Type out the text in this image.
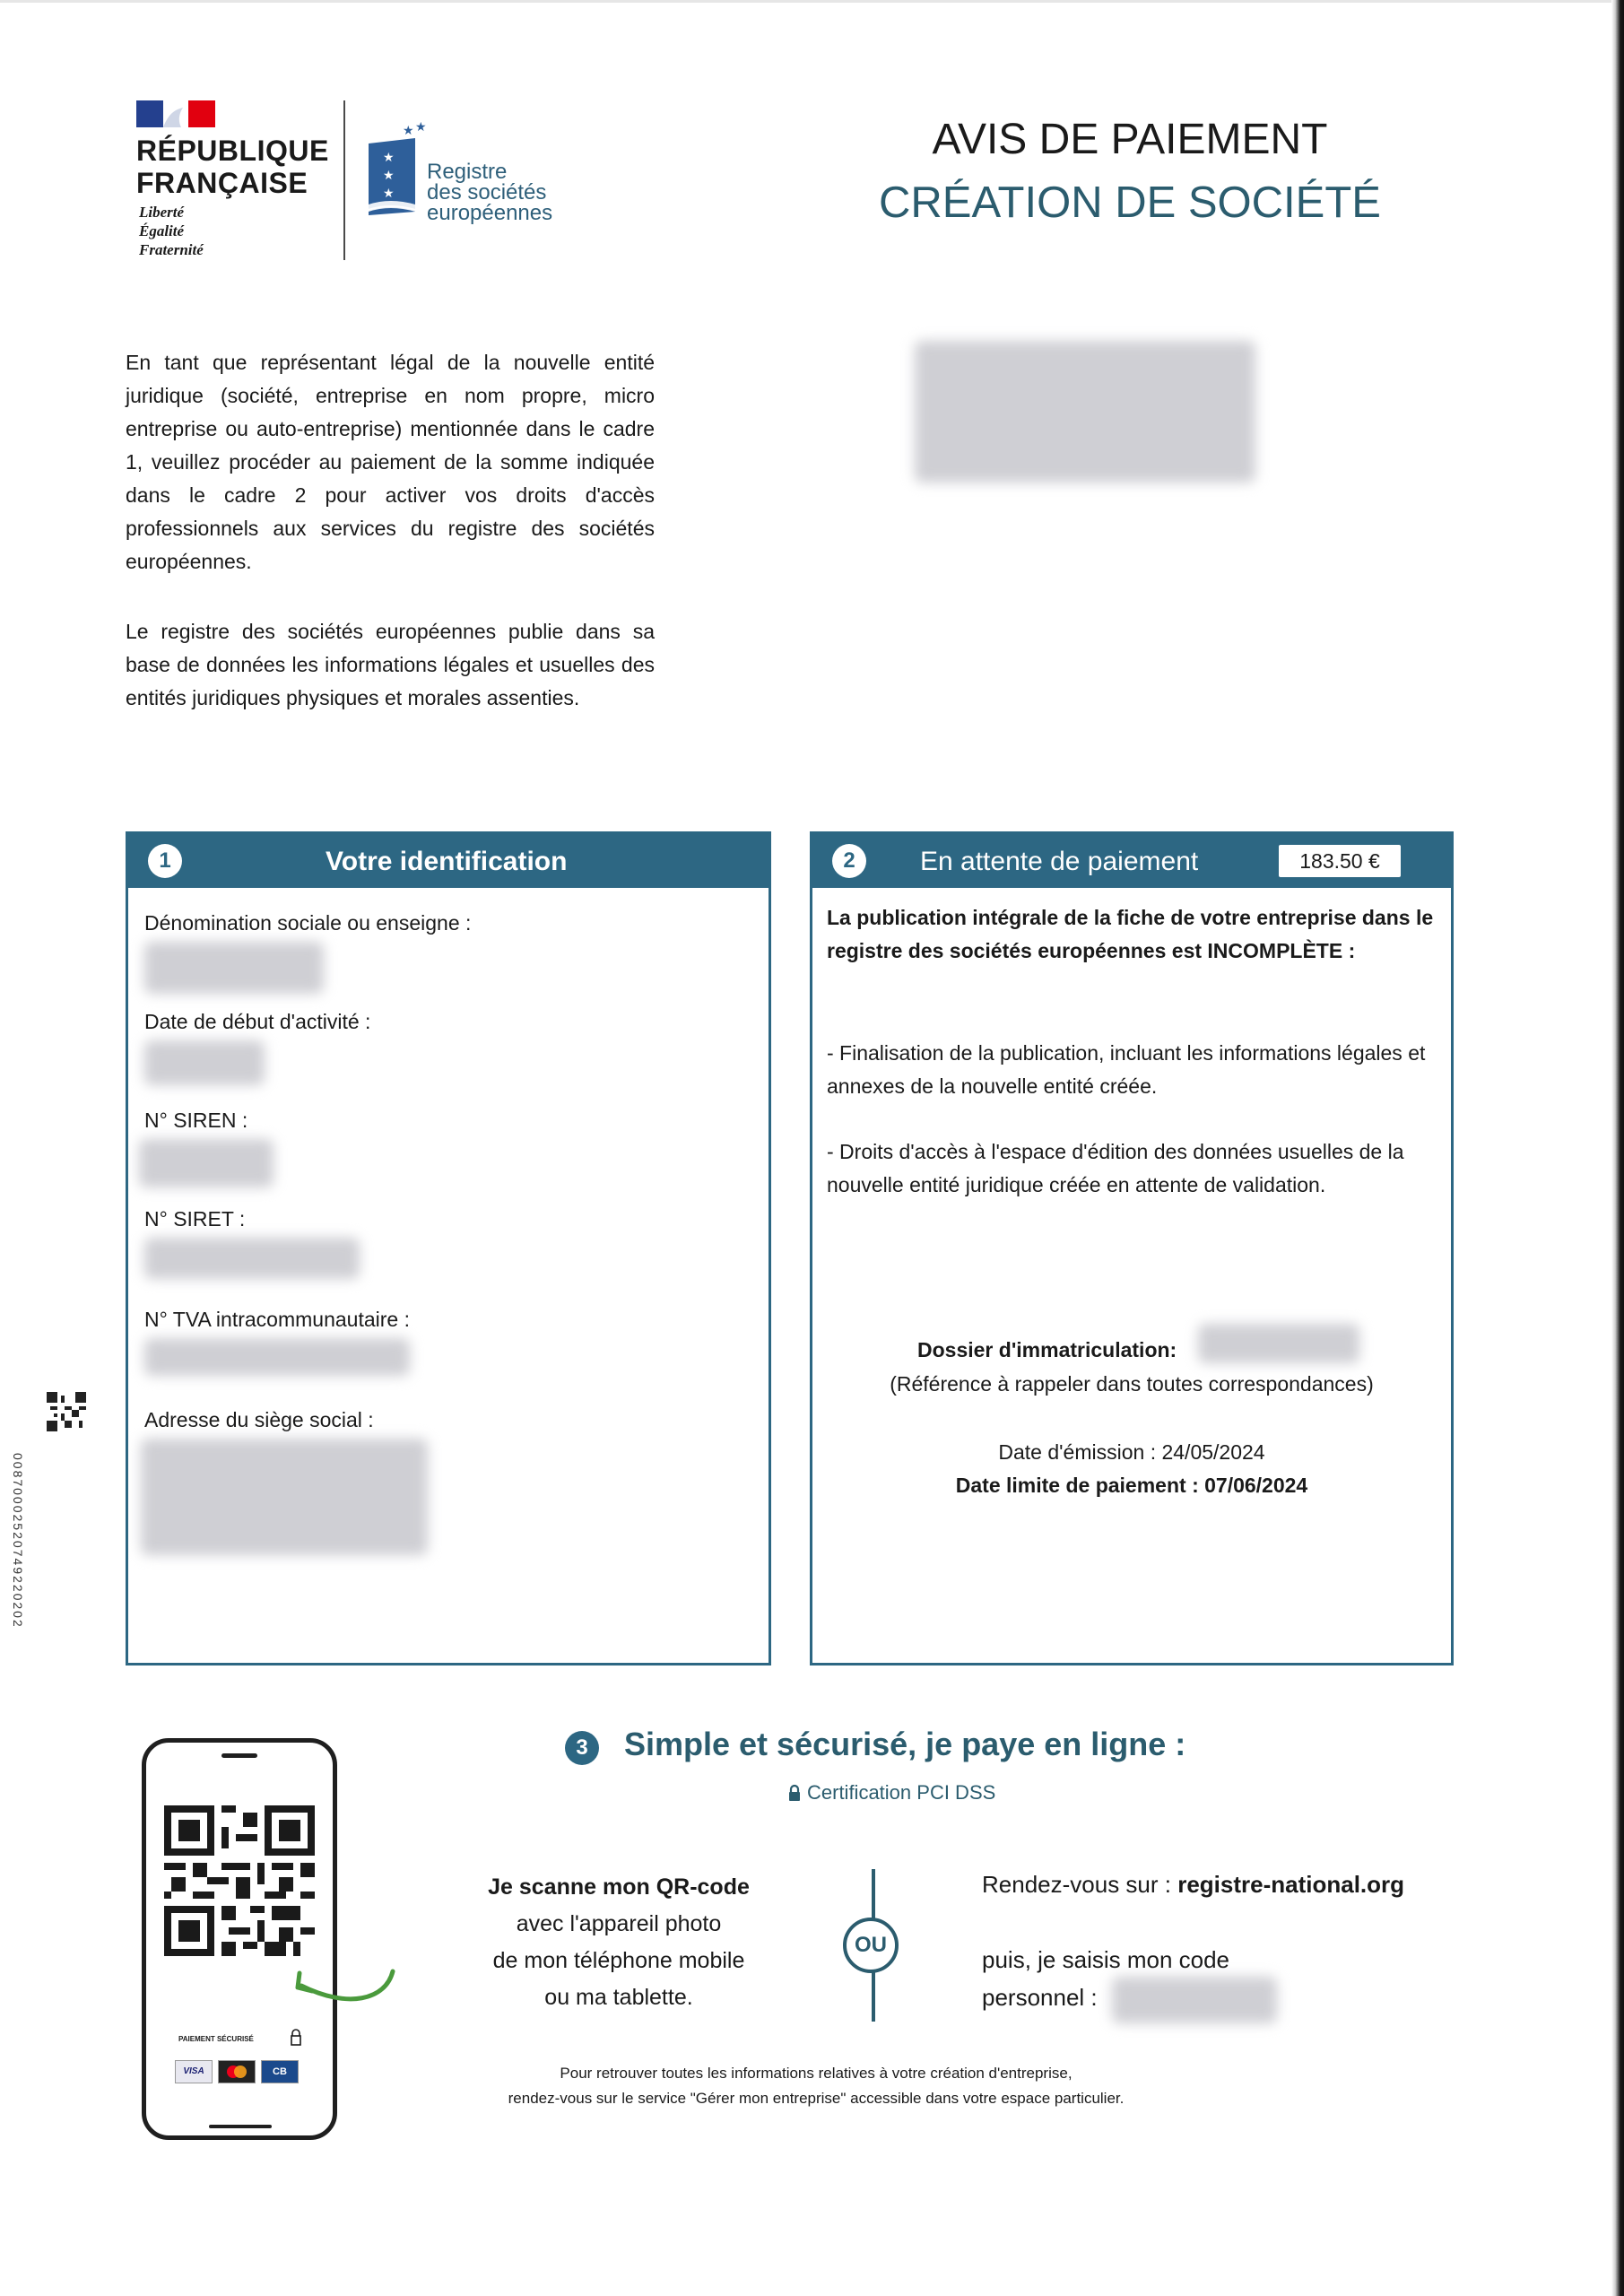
RÉPUBLIQUE
FRANÇAISE
Liberté
Égalité
Fraternité
★
★
★
★ ★
Registre
des sociétés
européennes
AVIS DE PAIEMENT
CRÉATION DE SOCIÉTÉ
En tant que représentant légal de la nouvelle entité juridique (société, entreprise en nom propre, micro entreprise ou auto-entreprise) mentionnée dans le cadre 1, veuillez procéder au paiement de la somme indiquée dans le cadre 2 pour activer vos droits d'accès professionnels aux services du registre des sociétés européennes.
Le registre des sociétés européennes publie dans sa base de données les informations légales et usuelles des entités juridiques physiques et morales assenties.
1	Votre identification
Dénomination sociale ou enseigne :
Date de début d'activité :
N° SIREN :
N° SIRET :
N° TVA intracommunautaire :
Adresse du siège social :
2	En attente de paiement	183.50 €
La publication intégrale de la fiche de votre entreprise dans le registre des sociétés européennes est INCOMPLÈTE :
- Finalisation de la publication, incluant les informations légales et annexes de la nouvelle entité créée.
- Droits d'accès à l'espace d'édition des données usuelles de la nouvelle entité juridique créée en attente de validation.
Dossier d'immatriculation:
(Référence à rappeler dans toutes correspondances)
Date d'émission : 24/05/2024
Date limite de paiement : 07/06/2024
00870002520749220202
PAIEMENT SÉCURISÉ
VISA	CB
3	Simple et sécurisé, je paye en ligne :
Certification PCI DSS
Je scanne mon QR-code
avec l'appareil photo
de mon téléphone mobile
ou ma tablette.
OU
Rendez-vous sur : registre-national.org
puis, je saisis mon code
personnel :
Pour retrouver toutes les informations relatives à votre création d'entreprise,
rendez-vous sur le service "Gérer mon entreprise" accessible dans votre espace particulier.
